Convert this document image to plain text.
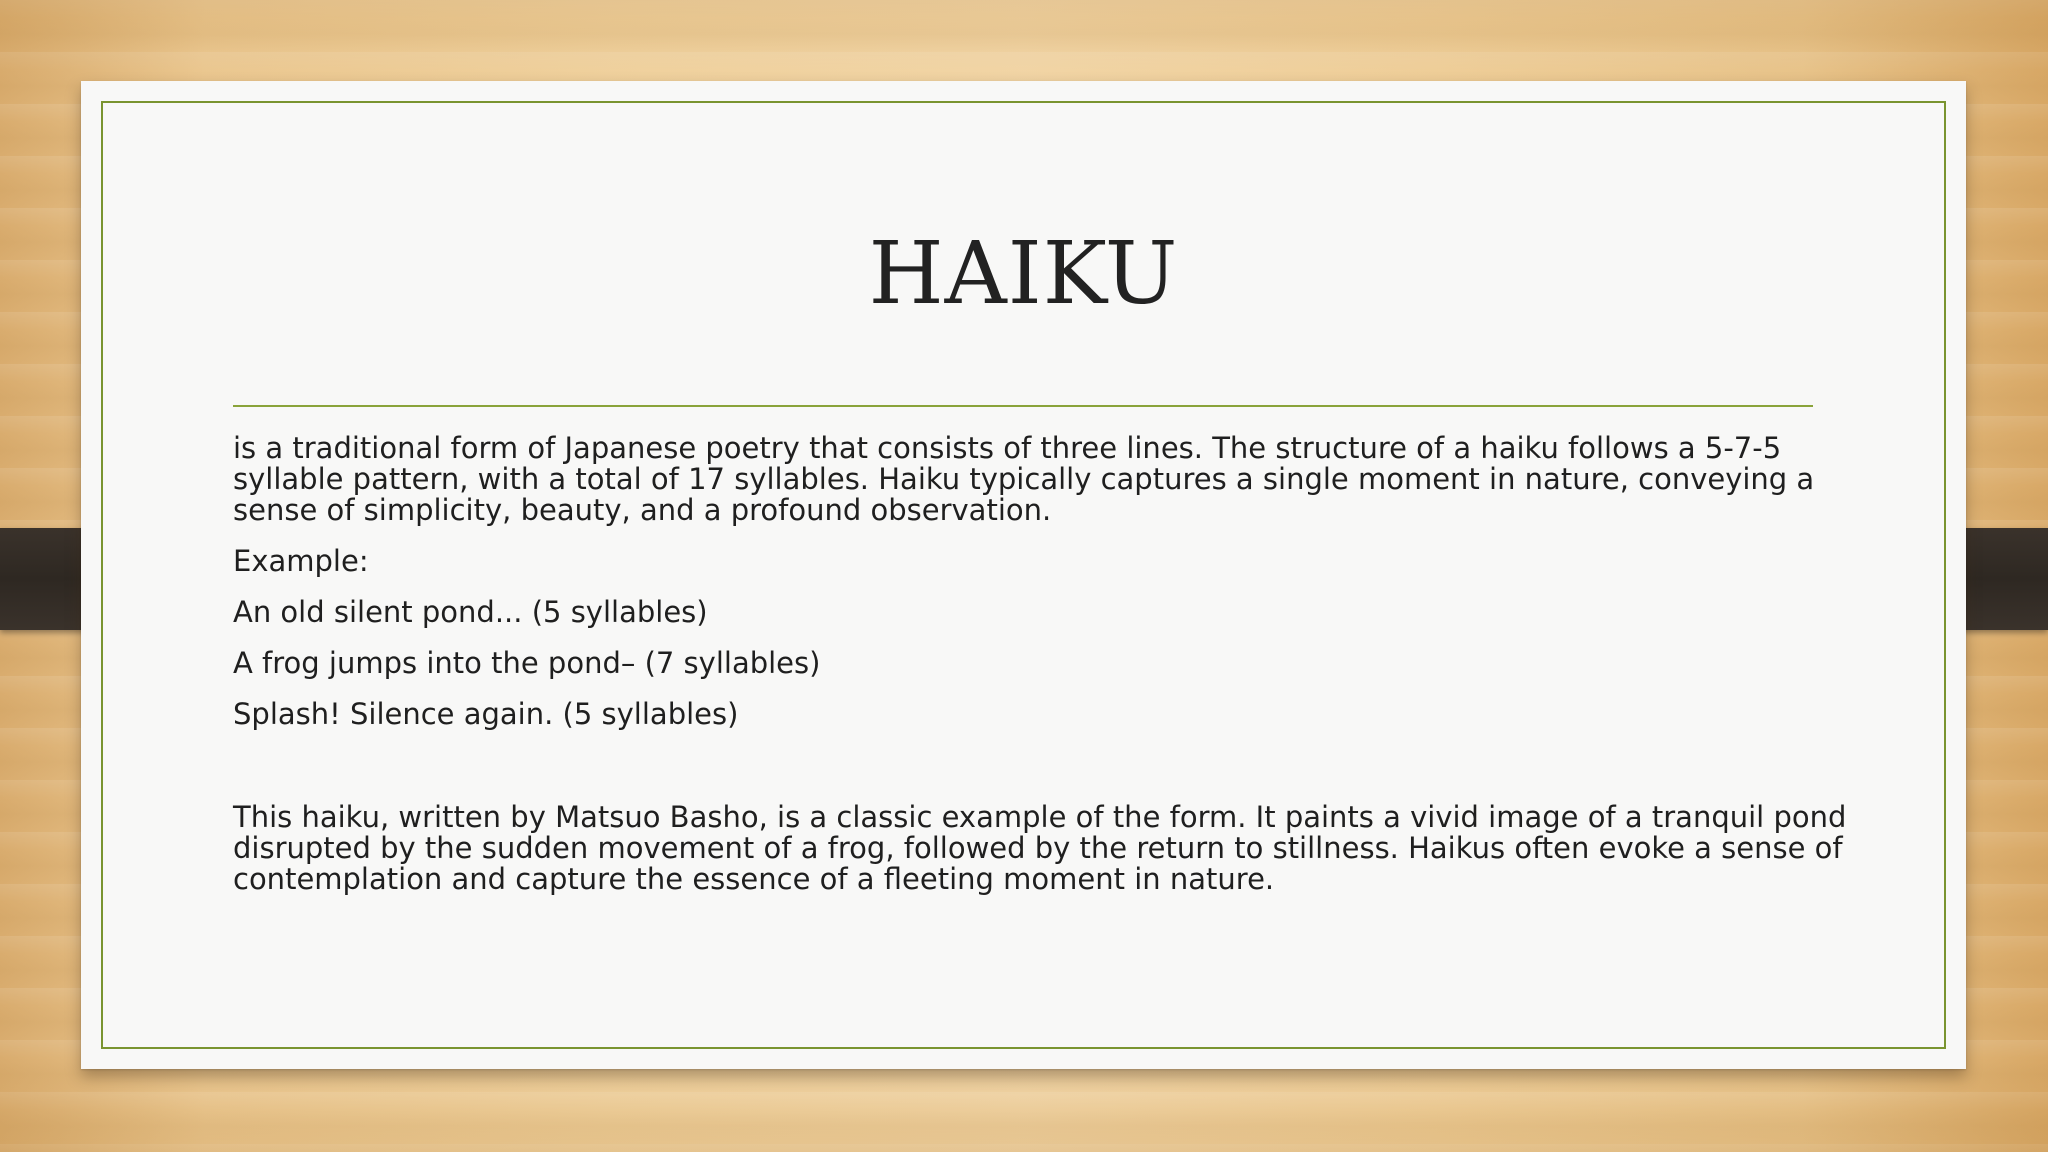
HAIKU

is a traditional form of Japanese poetry that consists of three lines. The structure of a haiku follows a 5-7-5 syllable pattern, with a total of 17 syllables. Haiku typically captures a single moment in nature, conveying a sense of simplicity, beauty, and a profound observation.

Example:

An old silent pond... (5 syllables)

A frog jumps into the pond– (7 syllables)

Splash! Silence again. (5 syllables)

This haiku, written by Matsuo Basho, is a classic example of the form. It paints a vivid image of a tranquil pond disrupted by the sudden movement of a frog, followed by the return to stillness. Haikus often evoke a sense of contemplation and capture the essence of a fleeting moment in nature.
